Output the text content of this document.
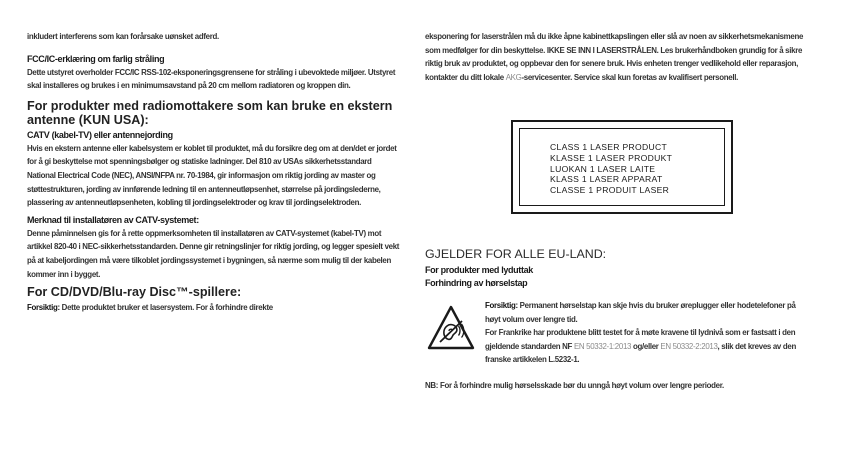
inkludert interferens som kan forårsake uønsket adferd.

FCC/IC-erklæring om farlig stråling

Dette utstyret overholder FCC/IC RSS-102-eksponeringsgrensene for stråling i ubevoktede miljøer. Utstyret skal installeres og brukes i en minimumsavstand på 20 cm mellom radiatoren og kroppen din.

For produkter med radiomottakere som kan bruke en ekstern antenne (KUN USA):

CATV (kabel-TV) eller antennejording

Hvis en ekstern antenne eller kabelsystem er koblet til produktet, må du forsikre deg om at den/det er jordet for å gi beskyttelse mot spenningsbølger og statiske ladninger. Del 810 av USAs sikkerhetsstandard National Electrical Code (NEC), ANSI/NFPA nr. 70-1984, gir informasjon om riktig jording av master og støttestrukturen, jording av innførende ledning til en antenneutløpsenhet, størrelse på jordingslederne, plassering av antenneutløpsenheten, kobling til jordingselektroder og krav til jordingselektroden.

Merknad til installatøren av CATV-systemet:

Denne påminnelsen gis for å rette oppmerksomheten til installatøren av CATV-systemet (kabel-TV) mot artikkel 820-40 i NEC-sikkerhetsstandarden. Denne gir retningslinjer for riktig jording, og legger spesielt vekt på at kabeljordingen må være tilkoblet jordingssystemet i bygningen, så nærme som mulig til der kabelen kommer inn i bygget.

For CD/DVD/Blu-ray Disc™-spillere:

Forsiktig: Dette produktet bruker et lasersystem. For å forhindre direkte

eksponering for laserstrålen må du ikke åpne kabinettkapslingen eller slå av noen av sikkerhetsmekanismene som medfølger for din beskyttelse. IKKE SE INN I LASERSTRÅLEN. Les brukerhåndboken grundig for å sikre riktig bruk av produktet, og oppbevar den for senere bruk. Hvis enheten trenger vedlikehold eller reparasjon, kontakter du ditt lokale AKG-servicesenter. Service skal kun foretas av kvalifisert personell.

CLASS 1 LASER PRODUCT
KLASSE 1 LASER PRODUKT
LUOKAN 1 LASER LAITE
KLASS 1 LASER APPARAT
CLASSE 1 PRODUIT LASER

GJELDER FOR ALLE EU-LAND:

For produkter med lyduttak

Forhindring av hørselstap

Forsiktig: Permanent hørselstap kan skje hvis du bruker øreplugger eller hodetelefoner på høyt volum over lengre tid.

For Frankrike har produktene blitt testet for å møte kravene til lydnivå som er fastsatt i den gjeldende standarden NF EN 50332-1:2013 og/eller EN 50332-2:2013, slik det kreves av den franske artikkelen L.5232-1.

NB: For å forhindre mulig hørselsskade bør du unngå høyt volum over lengre perioder.
